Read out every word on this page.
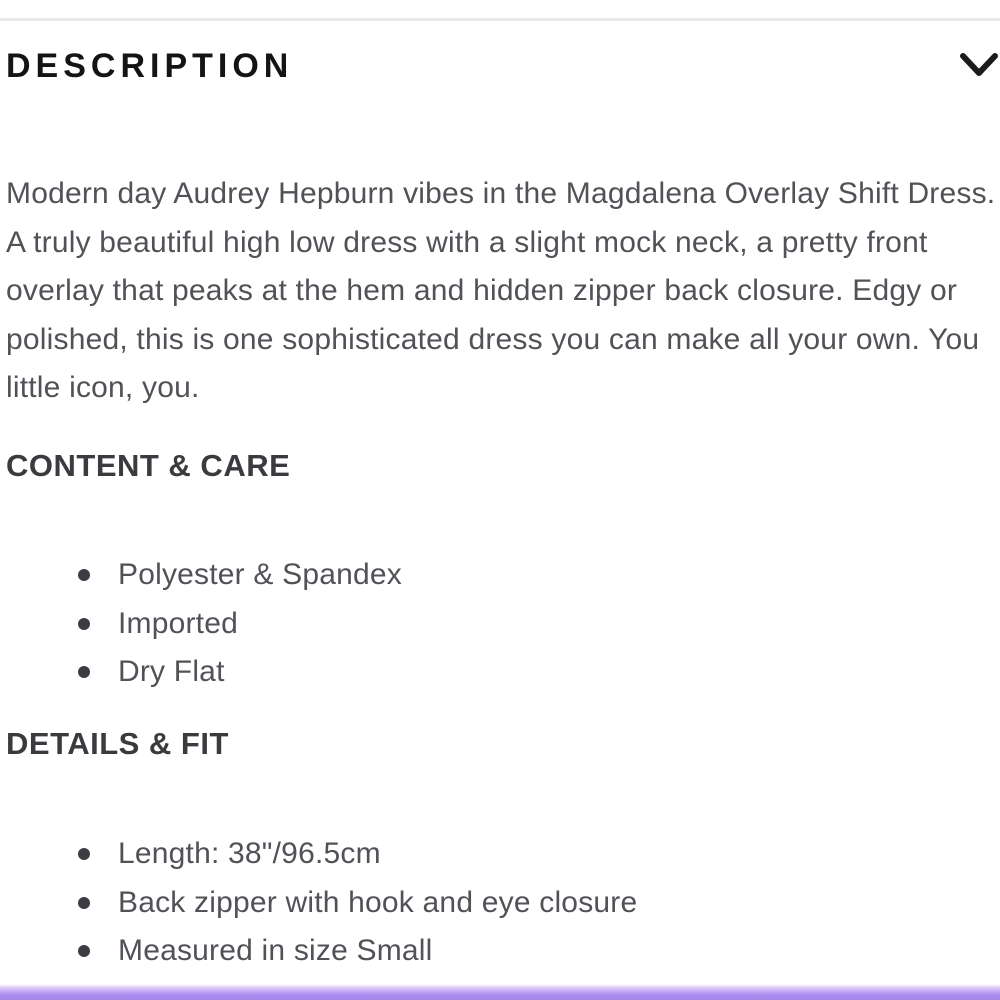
DESCRIPTION

Modern day Audrey Hepburn vibes in the Magdalena Overlay Shift Dress. A truly beautiful high low dress with a slight mock neck, a pretty front overlay that peaks at the hem and hidden zipper back closure. Edgy or polished, this is one sophisticated dress you can make all your own. You little icon, you.

CONTENT & CARE
Polyester & Spandex
Imported
Dry Flat
DETAILS & FIT
Length: 38"/96.5cm
Back zipper with hook and eye closure
Measured in size Small
